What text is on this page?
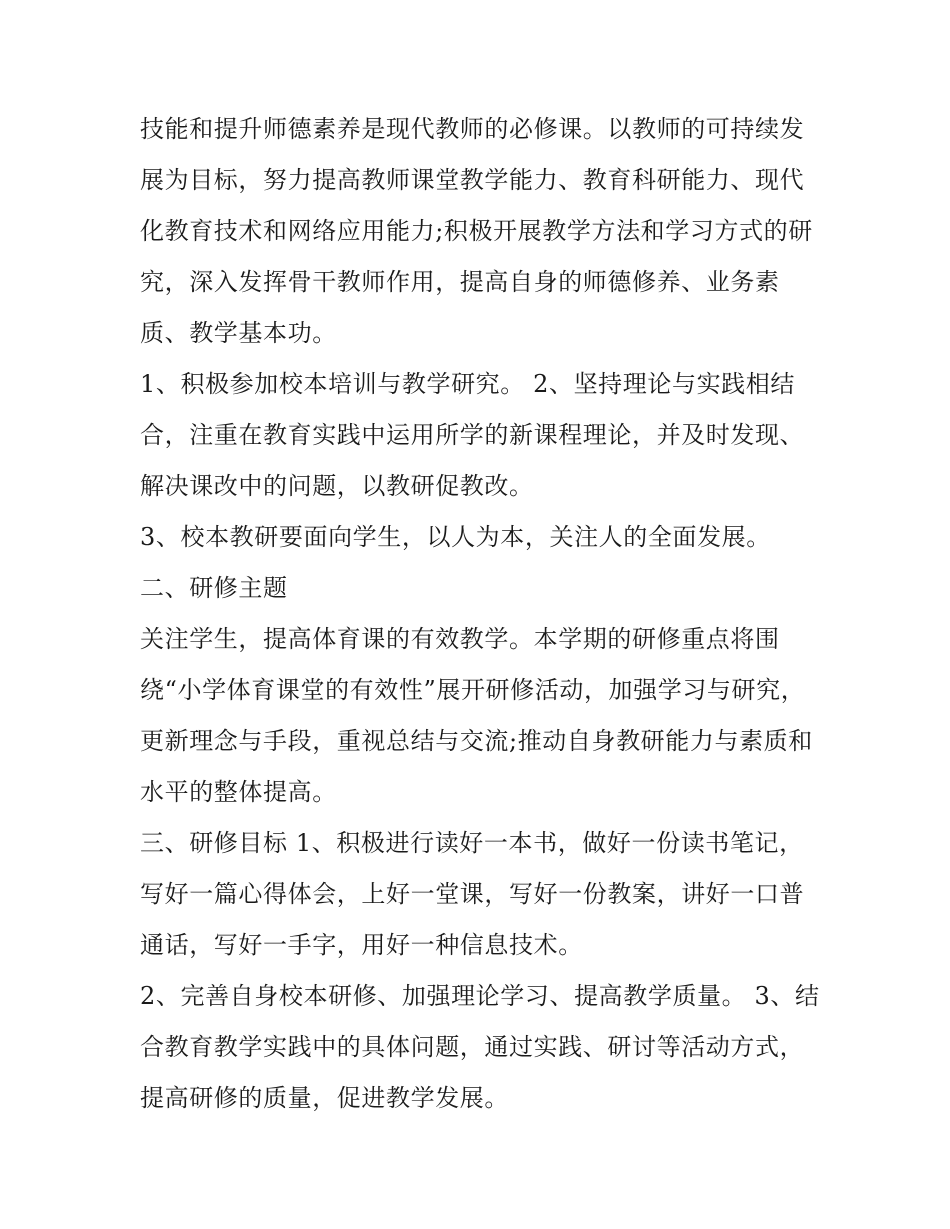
技能和提升师德素养是现代教师的必修课。以教师的可持续发展为目标，努力提高教师课堂教学能力、教育科研能力、现代化教育技术和网络应用能力;积极开展教学方法和学习方式的研究，深入发挥骨干教师作用，提高自身的师德修养、业务素质、教学基本功。

1、积极参加校本培训与教学研究。 2、坚持理论与实践相结合，注重在教育实践中运用所学的新课程理论，并及时发现、解决课改中的问题，以教研促教改。

3、校本教研要面向学生，以人为本，关注人的全面发展。

二、研修主题

关注学生，提高体育课的有效教学。本学期的研修重点将围绕“小学体育课堂的有效性”展开研修活动，加强学习与研究，更新理念与手段，重视总结与交流;推动自身教研能力与素质和水平的整体提高。

三、研修目标 1、积极进行读好一本书，做好一份读书笔记，写好一篇心得体会，上好一堂课，写好一份教案，讲好一口普通话，写好一手字，用好一种信息技术。

2、完善自身校本研修、加强理论学习、提高教学质量。 3、结合教育教学实践中的具体问题，通过实践、研讨等活动方式，提高研修的质量，促进教学发展。
